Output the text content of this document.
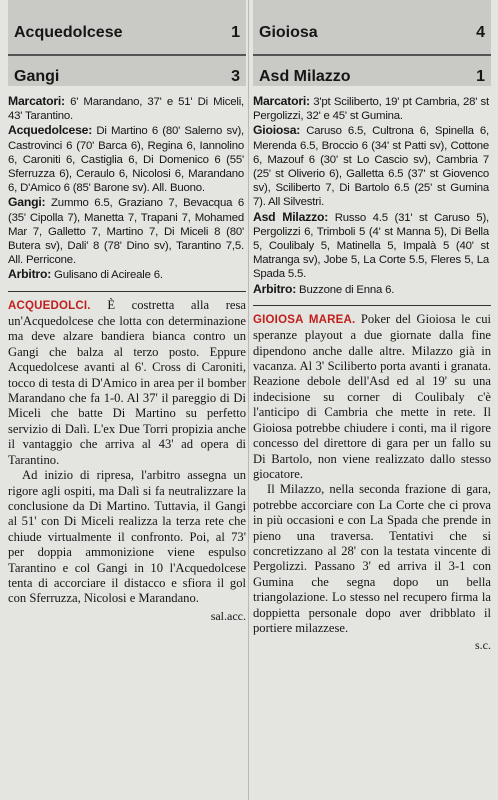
Acquedolcese	1
Gangi	3

Marcatori: 6' Marandano, 37' e 51' Di Miceli, 43' Tarantino.

Acquedolcese: Di Martino 6 (80' Salerno sv), Castrovinci 6 (70' Barca 6), Regina 6, Iannolino 6, Caroniti 6, Castiglia 6, Di Domenico 6 (55' Sferruzza 6), Ceraulo 6, Nicolosi 6, Marandano 6, D'Amico 6 (85' Barone sv). All. Buono.

Gangi: Zummo 6.5, Graziano 7, Bevacqua 6 (35' Cipolla 7), Manetta 7, Trapani 7, Mohamed Mar 7, Galletto 7, Martino 7, Di Miceli 8 (80' Butera sv), Dali' 8 (78' Dino sv), Tarantino 7,5. All. Perricone.

Arbitro: Gulisano di Acireale 6.

ACQUEDOLCI. È costretta alla resa un'Acquedolcese che lotta con determinazione ma deve alzare bandiera bianca contro un Gangi che balza al terzo posto. Eppure Acquedolcese avanti al 6'. Cross di Caroniti, tocco di testa di D'Amico in area per il bomber Marandano che fa 1-0. Al 37' il pareggio di Di Miceli che batte Di Martino su perfetto servizio di Dalì. L'ex Due Torri propizia anche il vantaggio che arriva al 43' ad opera di Tarantino.

Ad inizio di ripresa, l'arbitro assegna un rigore agli ospiti, ma Dalì si fa neutralizzare la conclusione da Di Martino. Tuttavia, il Gangi al 51' con Di Miceli realizza la terza rete che chiude virtualmente il confronto. Poi, al 73' per doppia ammonizione viene espulso Tarantino e col Gangi in 10 l'Acquedolcese tenta di accorciare il distacco e sfiora il gol con Sferruzza, Nicolosi e Marandano.

sal.acc.
Gioiosa	4
Asd Milazzo	1

Marcatori: 3'pt Sciliberto, 19' pt Cambria, 28' st Pergolizzi, 32' e 45' st Gumina.

Gioiosa: Caruso 6.5, Cultrona 6, Spinella 6, Merenda 6.5, Broccio 6 (34' st Patti sv), Cottone 6, Mazouf 6 (30' st Lo Cascio sv), Cambria 7 (25' st Oliverio 6), Galletta 6.5 (37' st Giovenco sv), Sciliberto 7, Di Bartolo 6.5 (25' st Gumina 7). All Silvestri.

Asd Milazzo: Russo 4.5 (31' st Caruso 5), Pergolizzi 6, Trimboli 5 (4' st Manna 5), Di Bella 5, Coulibaly 5, Matinella 5, Impalà 5 (40' st Matranga sv), Jobe 5, La Corte 5.5, Fleres 5, La Spada 5.5.

Arbitro: Buzzone di Enna 6.

GIOIOSA MAREA. Poker del Gioiosa le cui speranze playout a due giornate dalla fine dipendono anche dalle altre. Milazzo già in vacanza. Al 3' Sciliberto porta avanti i granata. Reazione debole dell'Asd ed al 19' su una indecisione su corner di Coulibaly c'è l'anticipo di Cambria che mette in rete. Il Gioiosa potrebbe chiudere i conti, ma il rigore concesso del direttore di gara per un fallo su Di Bartolo, non viene realizzato dallo stesso giocatore.

Il Milazzo, nella seconda frazione di gara, potrebbe accorciare con La Corte che ci prova in più occasioni e con La Spada che prende in pieno una traversa. Tentativi che si concretizzano al 28' con la testata vincente di Pergolizzi. Passano 3' ed arriva il 3-1 con Gumina che segna dopo un bella triangolazione. Lo stesso nel recupero firma la doppietta personale dopo aver dribblato il portiere milazzese.

s.c.
